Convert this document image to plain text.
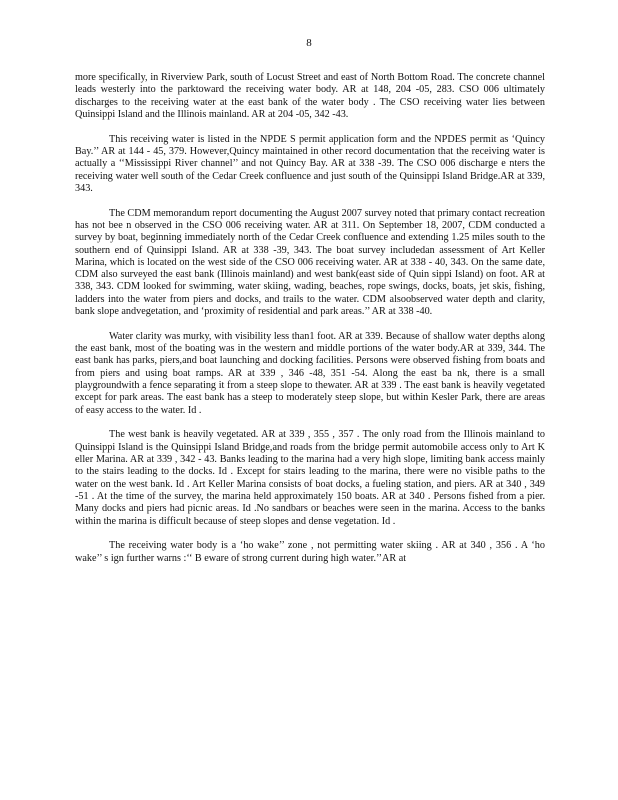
8

more specifically, in Riverview Park, south of Locust Street and east of North Bottom Road. The concrete channel leads westerly into the parktoward the receiving water body. AR at 148, 204 -05, 283. CSO 006 ultimately discharges to the receiving water at the east bank of the water body . The CSO receiving water lies between Quinsippi Island and the Illinois mainland. AR at 204 -05, 342 -43.

This receiving water is listed in the NPDE S permit application form and the NPDES permit as ‘Quincy Bay.’’ AR at 144 - 45, 379. However,Quincy maintained in other record documentation that the receiving water is actually a ‘‘Mississippi River channel’’ and not Quincy Bay. AR at 338 -39. The CSO 006 discharge e nters the receiving water well south of the Cedar Creek confluence and just south of the Quinsippi Island Bridge.AR at 339, 343.

The CDM memorandum report documenting the August 2007 survey noted that primary contact recreation has not bee n observed in the CSO 006 receiving water. AR at 311. On September 18, 2007, CDM conducted a survey by boat, beginning immediately north of the Cedar Creek confluence and extending 1.25 miles south to the southern end of Quinsippi Island. AR at 338 -39, 343. The boat survey includedan assessment of Art Keller Marina, which is located on the west side of the CSO 006 receiving water. AR at 338 - 40, 343. On the same date, CDM also surveyed the east bank (Illinois mainland) and west bank(east side of Quin sippi Island) on foot. AR at 338, 343. CDM looked for swimming, water skiing, wading, beaches, rope swings, docks, boats, jet skis, fishing, ladders into the water from piers and docks, and trails to the water. CDM alsoobserved water depth and clarity, bank slope andvegetation, and ‘proximity of residential and park areas.’’ AR at 338 -40.

Water clarity was murky, with visibility less than1 foot. AR at 339. Because of shallow water depths along the east bank, most of the boating was in the western and middle portions of the water body.AR at 339, 344. The east bank has parks, piers,and boat launching and docking facilities. Persons were observed fishing from boats and from piers and using boat ramps. AR at 339 , 346 -48, 351 -54. Along the east ba nk, there is a small playgroundwith a fence separating it from a steep slope to thewater. AR at 339 . The east bank is heavily vegetated except for park areas. The east bank has a steep to moderately steep slope, but within Kesler Park, there are areas of easy access to the water. Id .

The west bank is heavily vegetated. AR at 339 , 355 , 357 . The only road from the Illinois mainland to Quinsippi Island is the Quinsippi Island Bridge,and roads from the bridge permit automobile access only to Art K eller Marina. AR at 339 , 342 - 43. Banks leading to the marina had a very high slope, limiting bank access mainly to the stairs leading to the docks. Id . Except for stairs leading to the marina, there were no visible paths to the water on the west bank. Id . Art Keller Marina consists of boat docks, a fueling station, and piers. AR at 340 , 349 -51 . At the time of the survey, the marina held approximately 150 boats. AR at 340 . Persons fished from a pier. Many docks and piers had picnic areas. Id .No sandbars or beaches were seen in the marina. Access to the banks within the marina is difficult because of steep slopes and dense vegetation. Id .

The receiving water body is a ‘ho wake’’ zone , not permitting water skiing . AR at 340 , 356 . A ‘ho wake’’ s ign further warns :‘‘ B eware of strong current during high water.’’AR at
